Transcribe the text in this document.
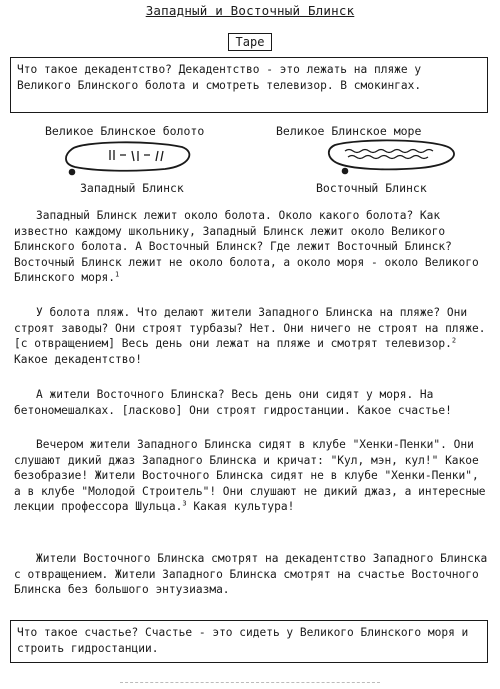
Западный и Восточный Блинск
Tape
Что такое декадентство? Декадентство - это лежать на пляже у Великого Блинского болота и смотреть телевизор. В смокингах.
Великое Блинское болото	Великое Блинское море
Западный Блинск	Восточный Блинск
Западный Блинск лежит около болота. Около какого болота? Как известно каждому школьнику, Западный Блинск лежит около Великого Блинского болота. А Восточный Блинск? Где лежит Восточный Блинск? Восточный Блинск лежит не около болота, а около моря - около Великого Блинского моря.$^1$
У болота пляж. Что делают жители Западного Блинска на пляже? Они строят заводы? Они строят турбазы? Нет. Они ничего не строят на пляже. [с отвращением] Весь день они лежат на пляже и смотрят телевизор.$^2$ Какое декадентство!
А жители Восточного Блинска? Весь день они сидят у моря. На бетономешалках. [ласково] Они строят гидростанции. Какое счастье!
Вечером жители Западного Блинска сидят в клубе "Хенки-Пенки". Они слушают дикий джаз Западного Блинска и кричат: "Кул, мэн, кул!" Какое безобразие! Жители Восточного Блинска сидят не в клубе "Хенки-Пенки", а в клубе "Молодой Строитель"! Они слушают не дикий джаз, а интересные лекции профессора Шульца.$^3$ Какая культура!
Жители Восточного Блинска смотрят на декадентство Западного Блинска с отвращением. Жители Западного Блинска смотрят на счастье Восточного Блинска без большого энтузиазма.
Что такое счастье? Счастье - это сидеть у Великого Блинского моря и строить гидростанции.
